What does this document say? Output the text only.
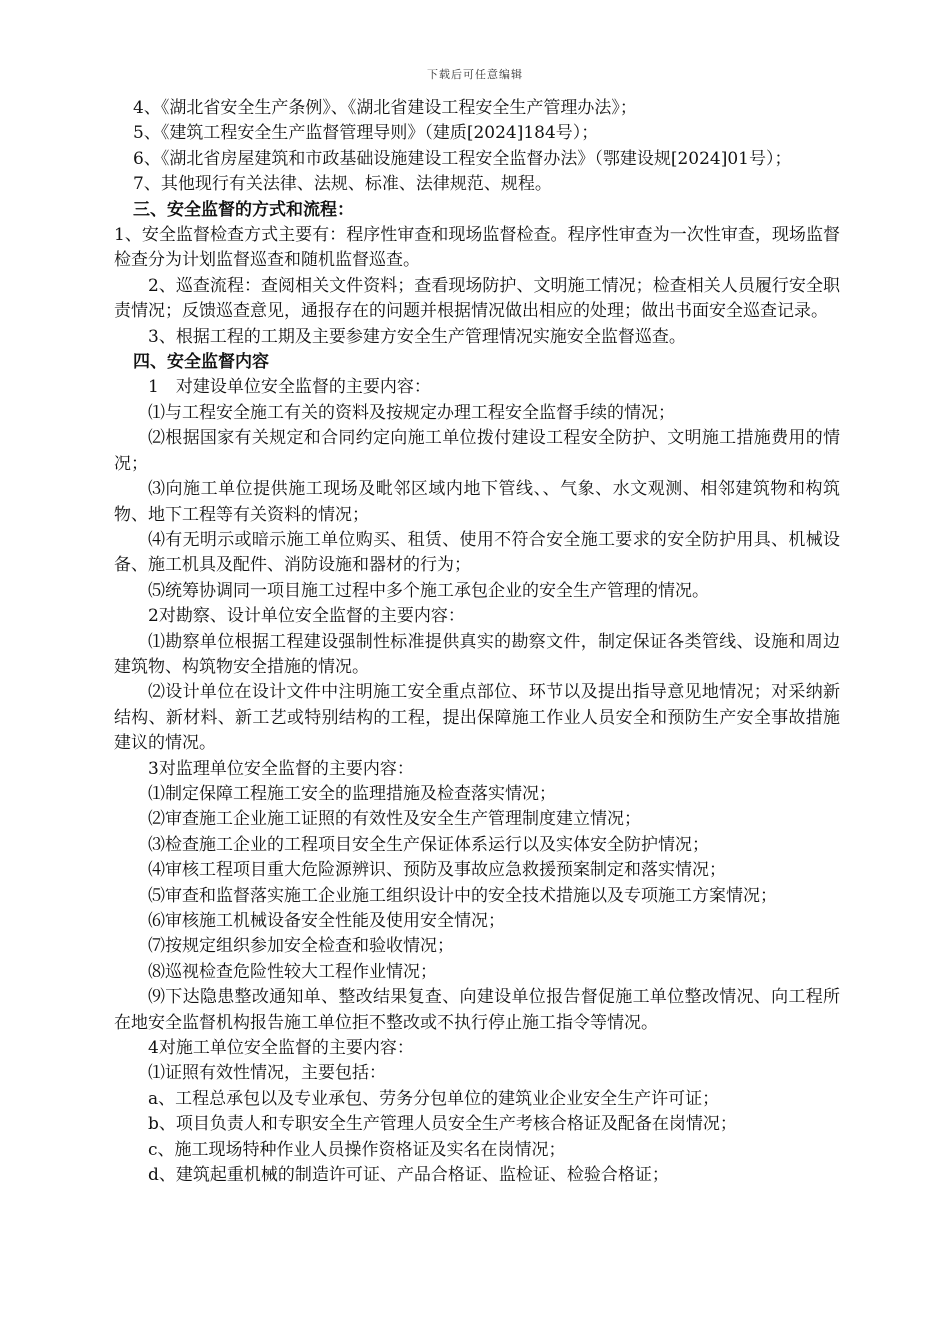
下载后可任意编辑

4、《湖北省安全生产条例》、《湖北省建设工程安全生产管理办法》；

5、《建筑工程安全生产监督管理导则》（建质[2024]184号）；

6、《湖北省房屋建筑和市政基础设施建设工程安全监督办法》（鄂建设规[2024]01号）；

7、其他现行有关法律、法规、标准、法律规范、规程。

三、安全监督的方式和流程：

1、安全监督检查方式主要有：程序性审查和现场监督检查。程序性审查为一次性审查，现场监督检查分为计划监督巡查和随机监督巡查。

2、巡查流程：查阅相关文件资料；查看现场防护、文明施工情况；检查相关人员履行安全职责情况；反馈巡查意见，通报存在的问题并根据情况做出相应的处理；做出书面安全巡查记录。

3、根据工程的工期及主要参建方安全生产管理情况实施安全监督巡查。

四、安全监督内容

1　对建设单位安全监督的主要内容：

⑴与工程安全施工有关的资料及按规定办理工程安全监督手续的情况；

⑵根据国家有关规定和合同约定向施工单位拨付建设工程安全防护、文明施工措施费用的情况；

⑶向施工单位提供施工现场及毗邻区域内地下管线、、气象、水文观测、相邻建筑物和构筑物、地下工程等有关资料的情况；

⑷有无明示或暗示施工单位购买、租赁、使用不符合安全施工要求的安全防护用具、机械设备、施工机具及配件、消防设施和器材的行为；

⑸统筹协调同一项目施工过程中多个施工承包企业的安全生产管理的情况。

2对勘察、设计单位安全监督的主要内容：

⑴勘察单位根据工程建设强制性标准提供真实的勘察文件，制定保证各类管线、设施和周边建筑物、构筑物安全措施的情况。

⑵设计单位在设计文件中注明施工安全重点部位、环节以及提出指导意见地情况；对采纳新结构、新材料、新工艺或特别结构的工程，提出保障施工作业人员安全和预防生产安全事故措施建议的情况。

3对监理单位安全监督的主要内容：

⑴制定保障工程施工安全的监理措施及检查落实情况；

⑵审查施工企业施工证照的有效性及安全生产管理制度建立情况；

⑶检查施工企业的工程项目安全生产保证体系运行以及实体安全防护情况；

⑷审核工程项目重大危险源辨识、预防及事故应急救援预案制定和落实情况；

⑸审查和监督落实施工企业施工组织设计中的安全技术措施以及专项施工方案情况；

⑹审核施工机械设备安全性能及使用安全情况；

⑺按规定组织参加安全检查和验收情况；

⑻巡视检查危险性较大工程作业情况；

⑼下达隐患整改通知单、整改结果复查、向建设单位报告督促施工单位整改情况、向工程所在地安全监督机构报告施工单位拒不整改或不执行停止施工指令等情况。

4对施工单位安全监督的主要内容：

⑴证照有效性情况，主要包括：

a、工程总承包以及专业承包、劳务分包单位的建筑业企业安全生产许可证；

b、项目负责人和专职安全生产管理人员安全生产考核合格证及配备在岗情况；

c、施工现场特种作业人员操作资格证及实名在岗情况；

d、建筑起重机械的制造许可证、产品合格证、监检证、检验合格证；
